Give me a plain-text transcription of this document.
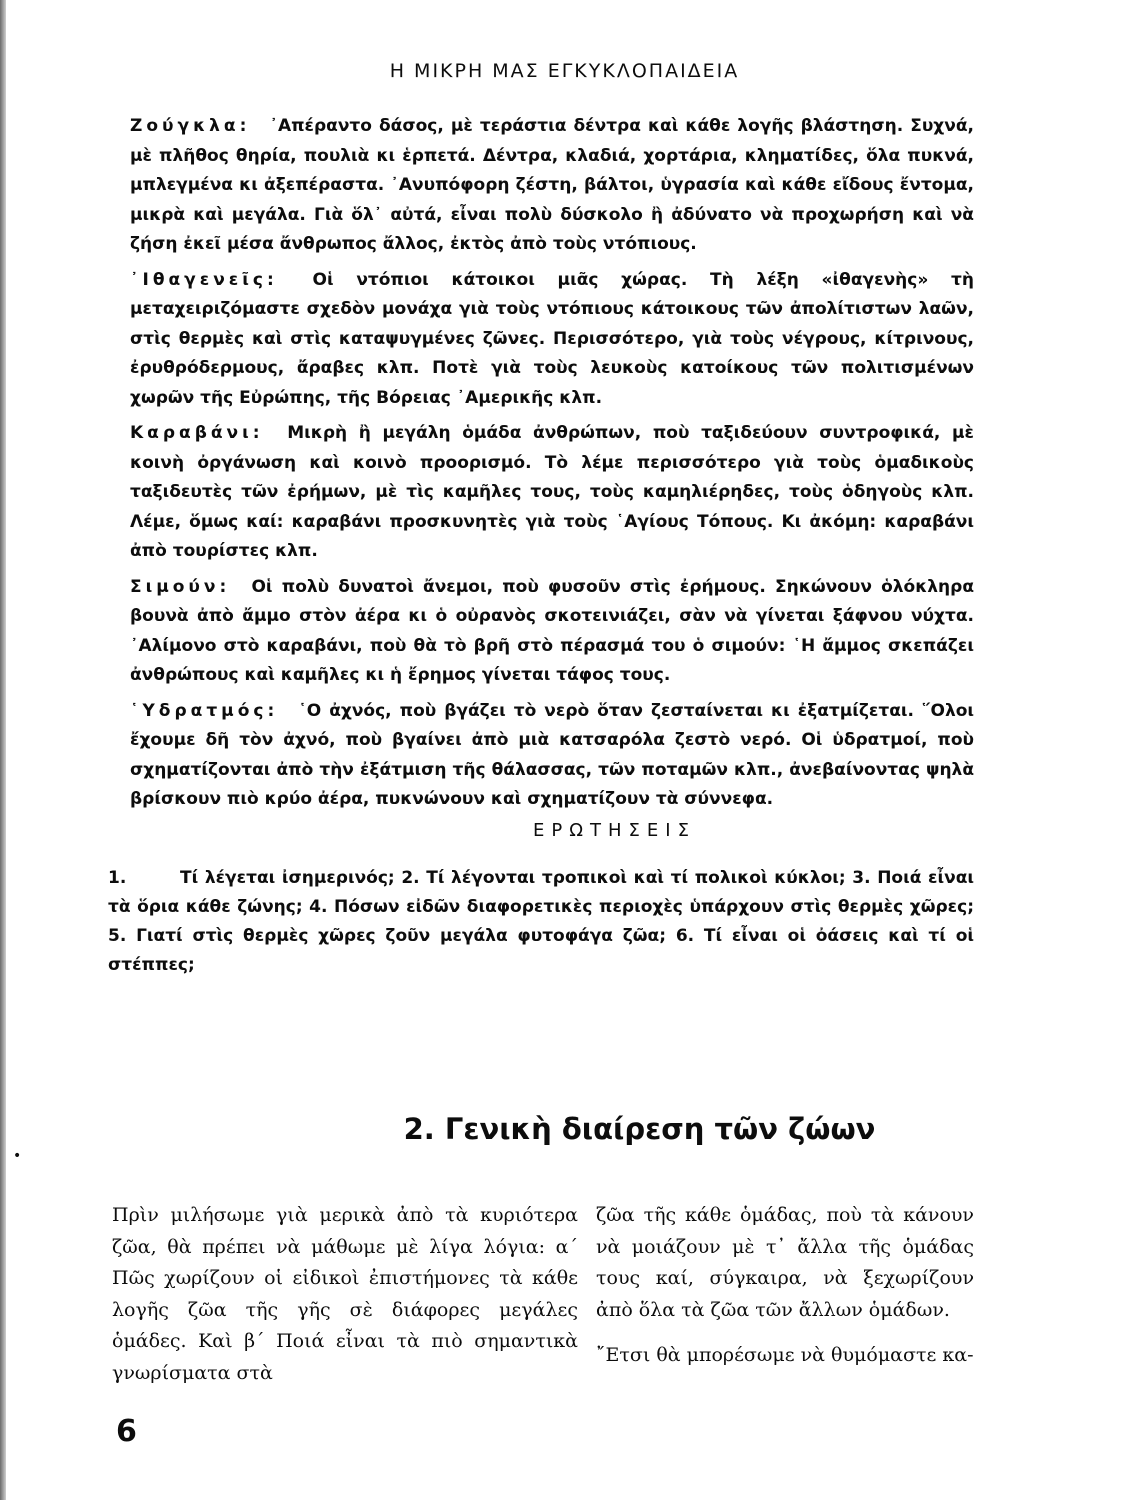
Η ΜΙΚΡΗ ΜΑΣ ΕΓΚΥΚΛΟΠΑΙΔΕΙΑ

Ζούγκλα: ᾿Απέραντο δάσος, μὲ τεράστια δέντρα καὶ κάθε λογῆς βλάστηση. Συχνά, μὲ πλῆθος θηρία, πουλιὰ κι ἑρπετά. Δέντρα, κλαδιά, χορτάρια, κληματίδες, ὅλα πυκνά, μπλεγμένα κι ἀξεπέραστα. ᾿Ανυπόφορη ζέστη, βάλτοι, ὑγρασία καὶ κάθε εἴδους ἔντομα, μικρὰ καὶ μεγάλα. Γιὰ ὅλ᾿ αὐτά, εἶναι πολὺ δύσκολο ἢ ἀδύνατο νὰ προχωρήση καὶ νὰ ζήση ἐκεῖ μέσα ἄνθρωπος ἄλλος, ἐκτὸς ἀπὸ τοὺς ντόπιους.

᾿Ιθαγενεῖς: Οἱ ντόπιοι κάτοικοι μιᾶς χώρας. Τὴ λέξη «ἰθαγενὴς» τὴ μεταχειριζόμαστε σχεδὸν μονάχα γιὰ τοὺς ντόπιους κάτοικους τῶν ἀπολίτιστων λαῶν, στὶς θερμὲς καὶ στὶς καταψυγμένες ζῶνες. Περισσότερο, γιὰ τοὺς νέγρους, κίτρινους, ἐρυθρόδερμους, ἄραβες κλπ. Ποτὲ γιὰ τοὺς λευκοὺς κατοίκους τῶν πολιτισμένων χωρῶν τῆς Εὐρώπης, τῆς Βόρειας ᾿Αμερικῆς κλπ.

Καραβάνι: Μικρὴ ἢ μεγάλη ὁμάδα ἀνθρώπων, ποὺ ταξιδεύουν συντροφικά, μὲ κοινὴ ὀργάνωση καὶ κοινὸ προορισμό. Τὸ λέμε περισσότερο γιὰ τοὺς ὁμαδικοὺς ταξιδευτὲς τῶν ἐρήμων, μὲ τὶς καμῆλες τους, τοὺς καμηλιέρηδες, τοὺς ὁδηγοὺς κλπ. Λέμε, ὅμως καί: καραβάνι προσκυνητὲς γιὰ τοὺς ῾Αγίους Τόπους. Κι ἀκόμη: καραβάνι ἀπὸ τουρίστες κλπ.

Σιμούν: Οἱ πολὺ δυνατοὶ ἄνεμοι, ποὺ φυσοῦν στὶς ἐρήμους. Σηκώνουν ὁλόκληρα βουνὰ ἀπὸ ἄμμο στὸν ἀέρα κι ὁ οὐρανὸς σκοτεινιάζει, σὰν νὰ γίνεται ξάφνου νύχτα. ᾿Αλίμονο στὸ καραβάνι, ποὺ θὰ τὸ βρῆ στὸ πέρασμά του ὁ σιμούν: ῾Η ἄμμος σκεπάζει ἀνθρώπους καὶ καμῆλες κι ἡ ἔρημος γίνεται τάφος τους.

῾Υδρατμός: ῾Ο ἀχνός, ποὺ βγάζει τὸ νερὸ ὅταν ζεσταίνεται κι ἐξατμίζεται. ῞Ολοι ἔχουμε δῆ τὸν ἀχνό, ποὺ βγαίνει ἀπὸ μιὰ κατσαρόλα ζεστὸ νερό. Οἱ ὑδρατμοί, ποὺ σχηματίζονται ἀπὸ τὴν ἐξάτμιση τῆς θάλασσας, τῶν ποταμῶν κλπ., ἀνεβαίνοντας ψηλὰ βρίσκουν πιὸ κρύο ἀέρα, πυκνώνουν καὶ σχηματίζουν τὰ σύννεφα.

ΕΡΩΤΗΣΕΙΣ
1.	Τί λέγεται ἰσημερινός; 2. Τί λέγονται τροπικοὶ καὶ τί πολικοὶ κύκλοι; 3. Ποιά εἶναι τὰ ὅρια κάθε ζώνης; 4. Πόσων εἰδῶν διαφορετικὲς περιοχὲς ὑπάρχουν στὶς θερμὲς χῶρες; 5. Γιατί στὶς θερμὲς χῶρες ζοῦν μεγάλα φυτοφάγα ζῶα; 6. Τί εἶναι οἱ ὀάσεις καὶ τί οἱ στέππες;
•
2. Γενικὴ διαίρεση τῶν ζώων

Πρὶν μιλήσωμε γιὰ μερικὰ ἀπὸ τὰ κυριότερα ζῶα, θὰ πρέπει νὰ μάθωμε μὲ λίγα λόγια: α΄ Πῶς χωρίζουν οἱ εἰδικοὶ ἐπιστήμονες τὰ κάθε λογῆς ζῶα τῆς γῆς σὲ διάφορες μεγάλες ὁμάδες. Καὶ β΄ Ποιά εἶναι τὰ πιὸ σημαντικὰ γνωρίσματα στὰ

ζῶα τῆς κάθε ὁμάδας, ποὺ τὰ κάνουν νὰ μοιάζουν μὲ τ᾿ ἄλλα τῆς ὁμάδας τους καί, σύγκαιρα, νὰ ξεχωρίζουν ἀπὸ ὅλα τὰ ζῶα τῶν ἄλλων ὁμάδων.

῎Ετσι θὰ μπορέσωμε νὰ θυμόμαστε κα-

6
